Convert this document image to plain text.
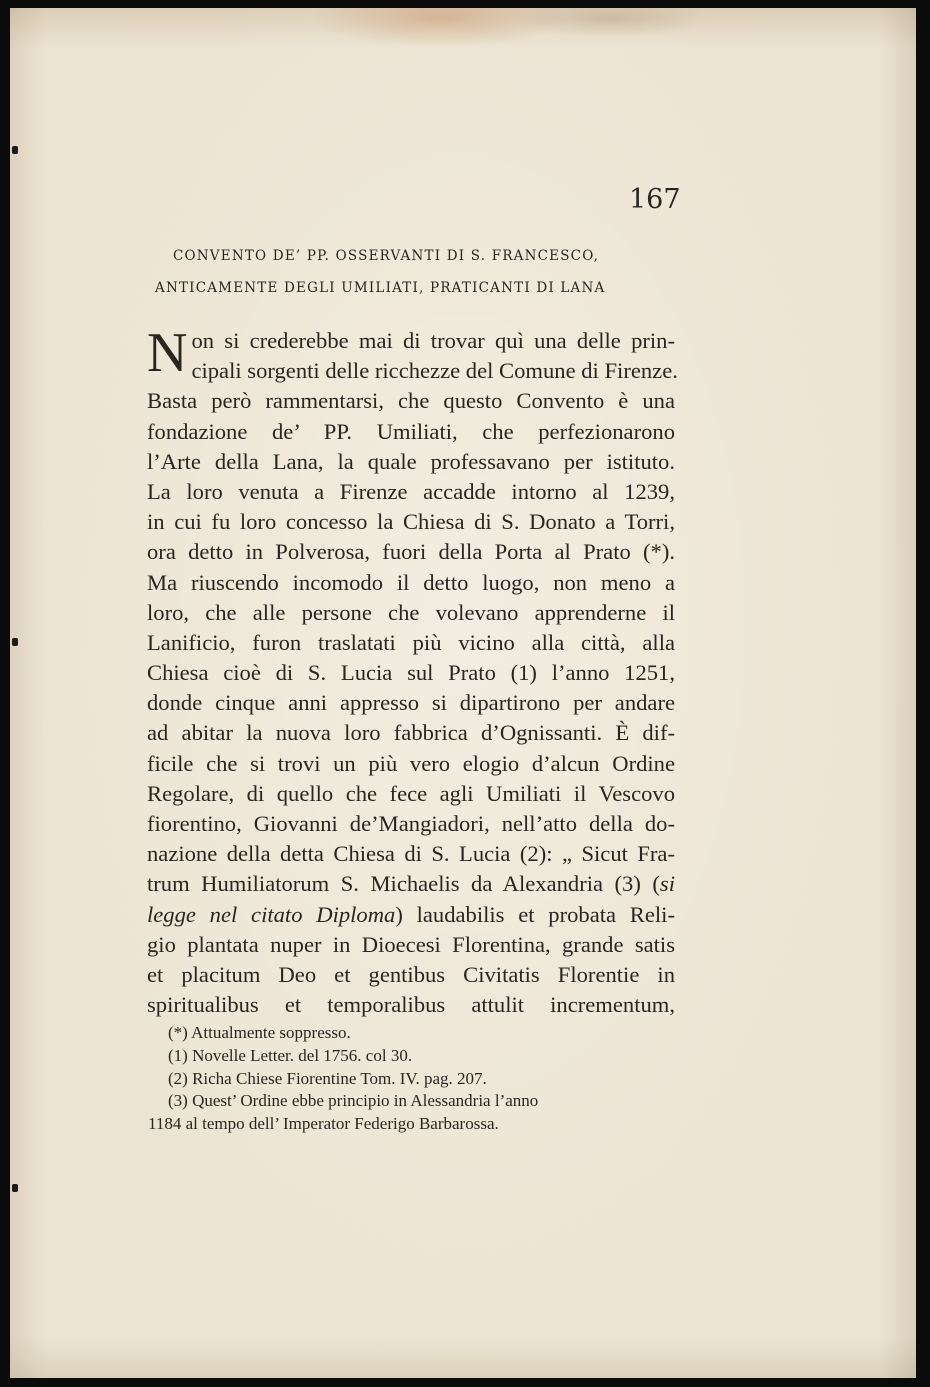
167
CONVENTO DE’ PP. OSSERVANTI DI S. FRANCESCO,
ANTICAMENTE DEGLI UMILIATI, PRATICANTI DI LANA
N on si crederebbe mai di trovar quì una delle prin-
cipali sorgenti delle ricchezze del Comune di Firenze.
Basta però rammentarsi, che questo Convento è una
fondazione de’ PP. Umiliati, che perfezionarono
l’Arte della Lana, la quale professavano per istituto.
La loro venuta a Firenze accadde intorno al 1239,
in cui fu loro concesso la Chiesa di S. Donato a Torri,
ora detto in Polverosa, fuori della Porta al Prato (*).
Ma riuscendo incomodo il detto luogo, non meno a
loro, che alle persone che volevano apprenderne il
Lanificio, furon traslatati più vicino alla città, alla
Chiesa cioè di S. Lucia sul Prato (1) l’anno 1251,
donde cinque anni appresso si dipartirono per andare
ad abitar la nuova loro fabbrica d’Ognissanti. È dif-
ficile che si trovi un più vero elogio d’alcun Ordine
Regolare, di quello che fece agli Umiliati il Vescovo
fiorentino, Giovanni de’Mangiadori, nell’atto della do-
nazione della detta Chiesa di S. Lucia (2): „ Sicut Fra-
trum Humiliatorum S. Michaelis da Alexandria (3) (si
legge nel citato Diploma) laudabilis et probata Reli-
gio plantata nuper in Dioecesi Florentina, grande satis
et placitum Deo et gentibus Civitatis Florentie in
spiritualibus et temporalibus attulit incrementum,
(*) Attualmente soppresso.
(1) Novelle Letter. del 1756. col 30.
(2) Richa Chiese Fiorentine Tom. IV. pag. 207.
(3) Quest’ Ordine ebbe principio in Alessandria l’anno
1184 al tempo dell’ Imperator Federigo Barbarossa.
